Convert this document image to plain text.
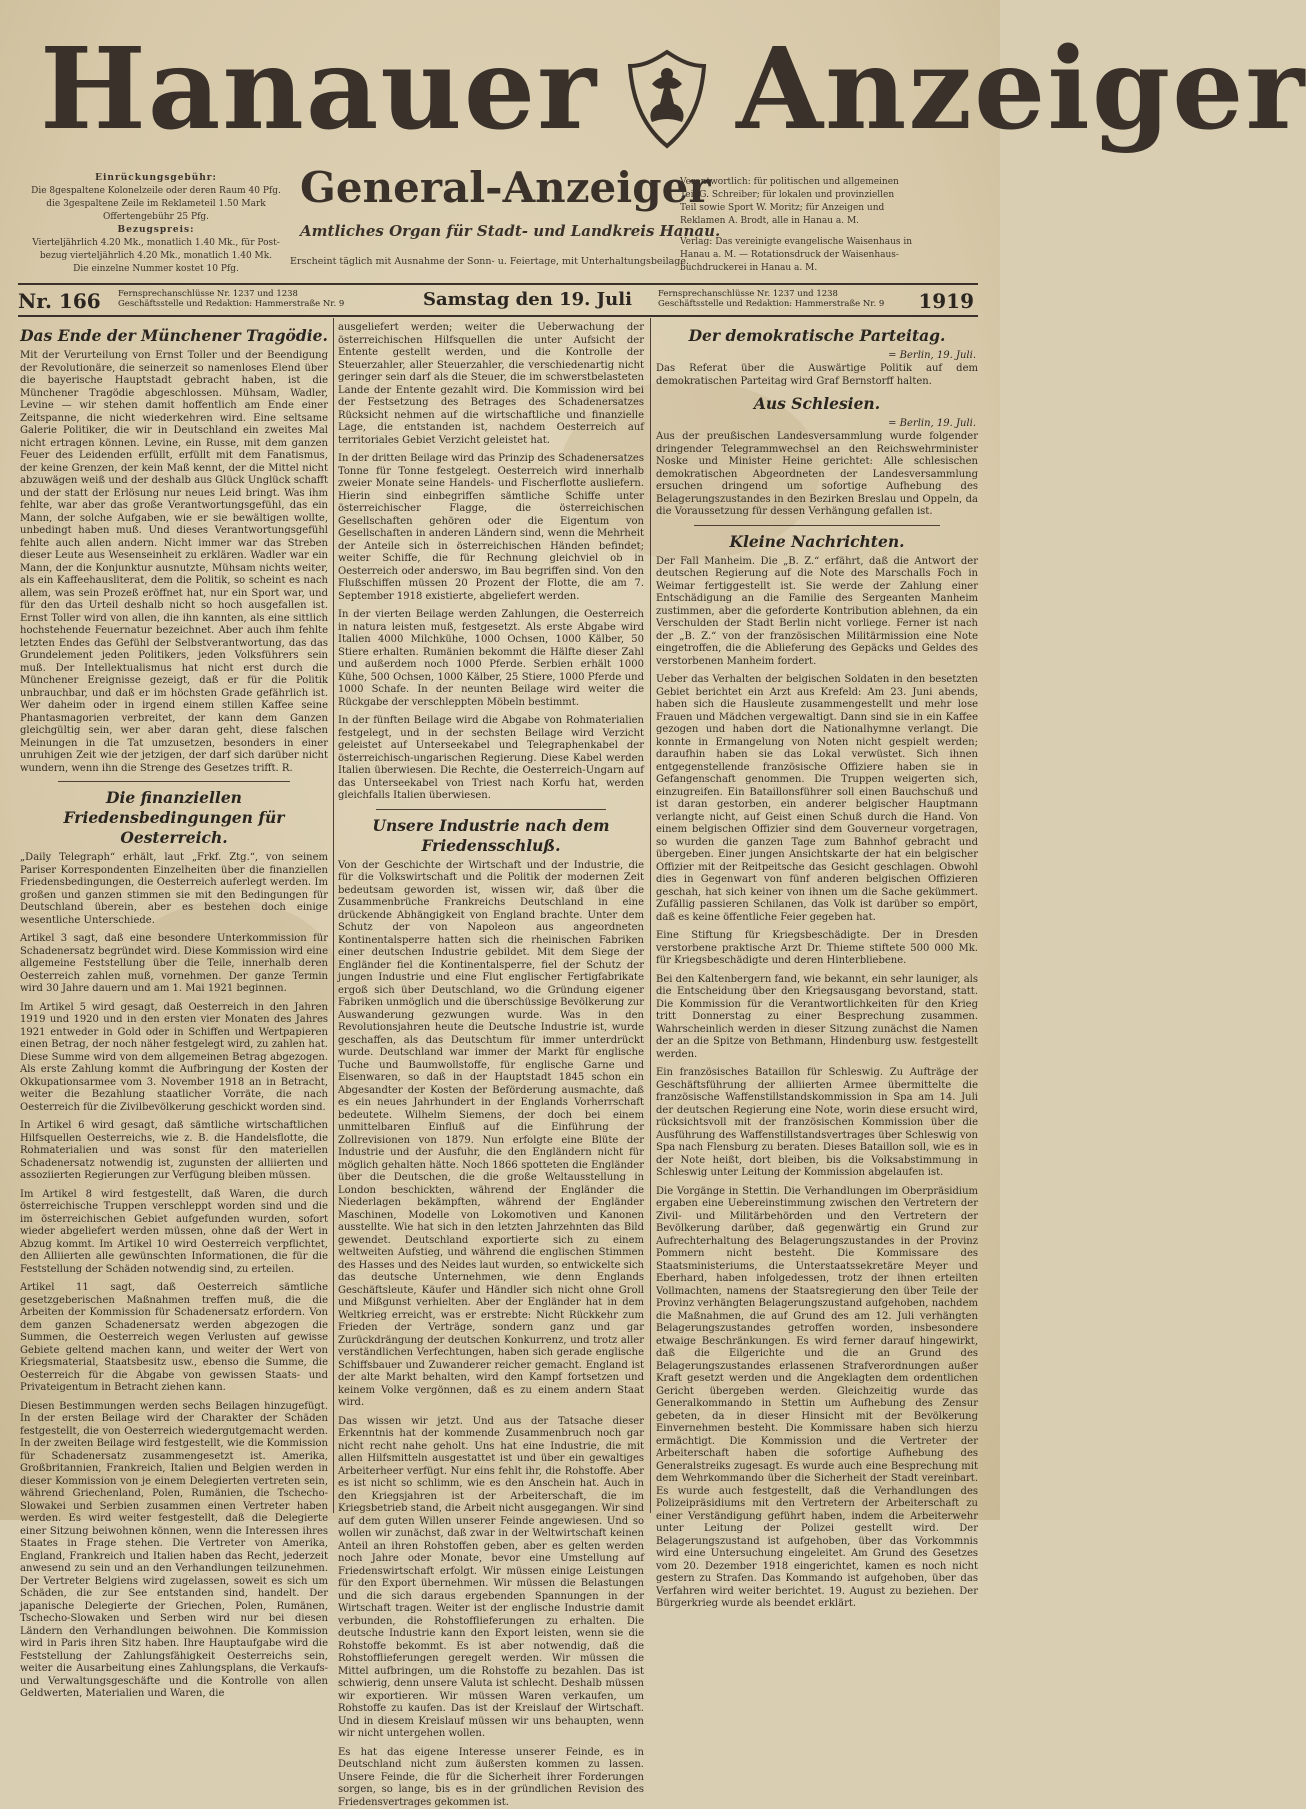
Hanauer Anzeiger
Einrückungsgebühr:
Die 8gespaltene Kolonelzeile oder deren Raum 40 Pfg.
die 3gespaltene Zeile im Reklameteil 1.50 Mark
Offertengebühr 25 Pfg.
Bezugspreis:
Vierteljährlich 4.20 Mk., monatlich 1.40 Mk., für Post-
bezug vierteljährlich 4.20 Mk., monatlich 1.40 Mk.
Die einzelne Nummer kostet 10 Pfg.
General-Anzeiger
Amtliches Organ für Stadt- und Landkreis Hanau.
Erscheint täglich mit Ausnahme der Sonn- u. Feiertage, mit Unterhaltungsbeilage.
Verantwortlich: für politischen und allgemeinen
Teil G. Schreiber; für lokalen und provinziellen
Teil sowie Sport W. Moritz; für Anzeigen und
Reklamen A. Brodt, alle in Hanau a. M.
Verlag: Das vereinigte evangelische Waisenhaus in
Hanau a. M. — Rotationsdruck der Waisenhaus-
buchdruckerei in Hanau a. M.
Nr. 166 Fernsprechanschlüsse Nr. 1237 und 1238
Geschäftsstelle und Redaktion: Hammerstraße Nr. 9	Samstag den 19. Juli	Fernsprechanschlüsse Nr. 1237 und 1238
Geschäftsstelle und Redaktion: Hammerstraße Nr. 9 1919
Das Ende der Münchener Tragödie.

Mit der Verurteilung von Ernst Toller und der Beendigung der Revolutionäre, die seinerzeit so namenloses Elend über die bayerische Hauptstadt gebracht haben, ist die Münchener Tragödie abgeschlossen. Mühsam, Wadler, Levine — wir stehen damit hoffentlich am Ende einer Zeitspanne, die nicht wiederkehren wird. Eine seltsame Galerie Politiker, die wir in Deutschland ein zweites Mal nicht ertragen können. Levine, ein Russe, mit dem ganzen Feuer des Leidenden erfüllt, erfüllt mit dem Fanatismus, der keine Grenzen, der kein Maß kennt, der die Mittel nicht abzuwägen weiß und der deshalb aus Glück Unglück schafft und der statt der Erlösung nur neues Leid bringt. Was ihm fehlte, war aber das große Verantwortungsgefühl, das ein Mann, der solche Aufgaben, wie er sie bewältigen wollte, unbedingt haben muß. Und dieses Verantwortungsgefühl fehlte auch allen andern. Nicht immer war das Streben dieser Leute aus Wesenseinheit zu erklären. Wadler war ein Mann, der die Konjunktur ausnutzte, Mühsam nichts weiter, als ein Kaffeehausliterat, dem die Politik, so scheint es nach allem, was sein Prozeß eröffnet hat, nur ein Sport war, und für den das Urteil deshalb nicht so hoch ausgefallen ist. Ernst Toller wird von allen, die ihn kannten, als eine sittlich hochstehende Feuernatur bezeichnet. Aber auch ihm fehlte letzten Endes das Gefühl der Selbstverantwortung, das das Grundelement jeden Politikers, jeden Volksführers sein muß. Der Intellektualismus hat nicht erst durch die Münchener Ereignisse gezeigt, daß er für die Politik unbrauchbar, und daß er im höchsten Grade gefährlich ist. Wer daheim oder in irgend einem stillen Kaffee seine Phantasmagorien verbreitet, der kann dem Ganzen gleichgültig sein, wer aber daran geht, diese falschen Meinungen in die Tat umzusetzen, besonders in einer unruhigen Zeit wie der jetzigen, der darf sich darüber nicht wundern, wenn ihn die Strenge des Gesetzes trifft. R.

Die finanziellen Friedensbedingungen für Oesterreich.

„Daily Telegraph“ erhält, laut „Frkf. Ztg.“, von seinem Pariser Korrespondenten Einzelheiten über die finanziellen Friedensbedingungen, die Oesterreich auferlegt werden. Im großen und ganzen stimmen sie mit den Bedingungen für Deutschland überein, aber es bestehen doch einige wesentliche Unterschiede.

Artikel 3 sagt, daß eine besondere Unterkommission für Schadenersatz begründet wird. Diese Kommission wird eine allgemeine Feststellung über die Teile, innerhalb deren Oesterreich zahlen muß, vornehmen. Der ganze Termin wird 30 Jahre dauern und am 1. Mai 1921 beginnen.

Im Artikel 5 wird gesagt, daß Oesterreich in den Jahren 1919 und 1920 und in den ersten vier Monaten des Jahres 1921 entweder in Gold oder in Schiffen und Wertpapieren einen Betrag, der noch näher festgelegt wird, zu zahlen hat. Diese Summe wird von dem allgemeinen Betrag abgezogen. Als erste Zahlung kommt die Aufbringung der Kosten der Okkupationsarmee vom 3. November 1918 an in Betracht, weiter die Bezahlung staatlicher Vorräte, die nach Oesterreich für die Zivilbevölkerung geschickt worden sind.

In Artikel 6 wird gesagt, daß sämtliche wirtschaftlichen Hilfsquellen Oesterreichs, wie z. B. die Handelsflotte, die Rohmaterialien und was sonst für den materiellen Schadenersatz notwendig ist, zugunsten der alliierten und assoziierten Regierungen zur Verfügung bleiben müssen.

Im Artikel 8 wird festgestellt, daß Waren, die durch österreichische Truppen verschleppt worden sind und die im österreichischen Gebiet aufgefunden wurden, sofort wieder abgeliefert werden müssen, ohne daß der Wert in Abzug kommt. Im Artikel 10 wird Oesterreich verpflichtet, den Alliierten alle gewünschten Informationen, die für die Feststellung der Schäden notwendig sind, zu erteilen.

Artikel 11 sagt, daß Oesterreich sämtliche gesetzgeberischen Maßnahmen treffen muß, die die Arbeiten der Kommission für Schadenersatz erfordern. Von dem ganzen Schadenersatz werden abgezogen die Summen, die Oesterreich wegen Verlusten auf gewisse Gebiete geltend machen kann, und weiter der Wert von Kriegsmaterial, Staatsbesitz usw., ebenso die Summe, die Oesterreich für die Abgabe von gewissen Staats- und Privateigentum in Betracht ziehen kann.

Diesen Bestimmungen werden sechs Beilagen hinzugefügt. In der ersten Beilage wird der Charakter der Schäden festgestellt, die von Oesterreich wiedergutgemacht werden. In der zweiten Beilage wird festgestellt, wie die Kommission für Schadenersatz zusammengesetzt ist. Amerika, Großbritannien, Frankreich, Italien und Belgien werden in dieser Kommission von je einem Delegierten vertreten sein, während Griechenland, Polen, Rumänien, die Tschecho-Slowakei und Serbien zusammen einen Vertreter haben werden. Es wird weiter festgestellt, daß die Delegierte einer Sitzung beiwohnen können, wenn die Interessen ihres Staates in Frage stehen. Die Vertreter von Amerika, England, Frankreich und Italien haben das Recht, jederzeit anwesend zu sein und an den Verhandlungen teilzunehmen. Der Vertreter Belgiens wird zugelassen, soweit es sich um Schäden, die zur See entstanden sind, handelt. Der japanische Delegierte der Griechen, Polen, Rumänen, Tschecho-Slowaken und Serben wird nur bei diesen Ländern den Verhandlungen beiwohnen. Die Kommission wird in Paris ihren Sitz haben. Ihre Hauptaufgabe wird die Feststellung der Zahlungsfähigkeit Oesterreichs sein, weiter die Ausarbeitung eines Zahlungsplans, die Verkaufs- und Verwaltungsgeschäfte und die Kontrolle von allen Geldwerten, Materialien und Waren, die

ausgeliefert werden; weiter die Ueberwachung der österreichischen Hilfsquellen die unter Aufsicht der Entente gestellt werden, und die Kontrolle der Steuerzahler, aller Steuerzahler, die verschiedenartig nicht geringer sein darf als die Steuer, die im schwerstbelasteten Lande der Entente gezahlt wird. Die Kommission wird bei der Festsetzung des Betrages des Schadenersatzes Rücksicht nehmen auf die wirtschaftliche und finanzielle Lage, die entstanden ist, nachdem Oesterreich auf territoriales Gebiet Verzicht geleistet hat.

In der dritten Beilage wird das Prinzip des Schadenersatzes Tonne für Tonne festgelegt. Oesterreich wird innerhalb zweier Monate seine Handels- und Fischerflotte ausliefern. Hierin sind einbegriffen sämtliche Schiffe unter österreichischer Flagge, die österreichischen Gesellschaften gehören oder die Eigentum von Gesellschaften in anderen Ländern sind, wenn die Mehrheit der Anteile sich in österreichischen Händen befindet; weiter Schiffe, die für Rechnung gleichviel ob in Oesterreich oder anderswo, im Bau begriffen sind. Von den Flußschiffen müssen 20 Prozent der Flotte, die am 7. September 1918 existierte, abgeliefert werden.

In der vierten Beilage werden Zahlungen, die Oesterreich in natura leisten muß, festgesetzt. Als erste Abgabe wird Italien 4000 Milchkühe, 1000 Ochsen, 1000 Kälber, 50 Stiere erhalten. Rumänien bekommt die Hälfte dieser Zahl und außerdem noch 1000 Pferde. Serbien erhält 1000 Kühe, 500 Ochsen, 1000 Kälber, 25 Stiere, 1000 Pferde und 1000 Schafe. In der neunten Beilage wird weiter die Rückgabe der verschleppten Möbeln bestimmt.

In der fünften Beilage wird die Abgabe von Rohmaterialien festgelegt, und in der sechsten Beilage wird Verzicht geleistet auf Unterseekabel und Telegraphenkabel der österreichisch-ungarischen Regierung. Diese Kabel werden Italien überwiesen. Die Rechte, die Oesterreich-Ungarn auf das Unterseekabel von Triest nach Korfu hat, werden gleichfalls Italien überwiesen.

Unsere Industrie nach dem Friedensschluß.

Von der Geschichte der Wirtschaft und der Industrie, die für die Volkswirtschaft und die Politik der modernen Zeit bedeutsam geworden ist, wissen wir, daß über die Zusammenbrüche Frankreichs Deutschland in eine drückende Abhängigkeit von England brachte. Unter dem Schutz der von Napoleon aus angeordneten Kontinentalsperre hatten sich die rheinischen Fabriken einer deutschen Industrie gebildet. Mit dem Siege der Engländer fiel die Kontinentalsperre, fiel der Schutz der jungen Industrie und eine Flut englischer Fertigfabrikate ergoß sich über Deutschland, wo die Gründung eigener Fabriken unmöglich und die überschüssige Bevölkerung zur Auswanderung gezwungen wurde. Was in den Revolutionsjahren heute die Deutsche Industrie ist, wurde geschaffen, als das Deutschtum für immer unterdrückt wurde. Deutschland war immer der Markt für englische Tuche und Baumwollstoffe, für englische Garne und Eisenwaren, so daß in der Hauptstadt 1845 schon ein Abgesandter der Kosten der Beförderung ausmachte, daß es ein neues Jahrhundert in der Englands Vorherrschaft bedeutete. Wilhelm Siemens, der doch bei einem unmittelbaren Einfluß auf die Einführung der Zollrevisionen von 1879. Nun erfolgte eine Blüte der Industrie und der Ausfuhr, die den Engländern nicht für möglich gehalten hätte. Noch 1866 spotteten die Engländer über die Deutschen, die die große Weltausstellung in London beschickten, während der Engländer die Niederlagen bekämpften, während der Engländer Maschinen, Modelle von Lokomotiven und Kanonen ausstellte. Wie hat sich in den letzten Jahrzehnten das Bild gewendet. Deutschland exportierte sich zu einem weltweiten Aufstieg, und während die englischen Stimmen des Hasses und des Neides laut wurden, so entwickelte sich das deutsche Unternehmen, wie denn Englands Geschäftsleute, Käufer und Händler sich nicht ohne Groll und Mißgunst verhielten. Aber der Engländer hat in dem Weltkrieg erreicht, was er erstrebte: Nicht Rückkehr zum Frieden der Verträge, sondern ganz und gar Zurückdrängung der deutschen Konkurrenz, und trotz aller verständlichen Verfechtungen, haben sich gerade englische Schiffsbauer und Zuwanderer reicher gemacht. England ist der alte Markt behalten, wird den Kampf fortsetzen und keinem Volke vergönnen, daß es zu einem andern Staat wird.

Das wissen wir jetzt. Und aus der Tatsache dieser Erkenntnis hat der kommende Zusammenbruch noch gar nicht recht nahe geholt. Uns hat eine Industrie, die mit allen Hilfsmitteln ausgestattet ist und über ein gewaltiges Arbeiterheer verfügt. Nur eins fehlt ihr, die Rohstoffe. Aber es ist nicht so schlimm, wie es den Anschein hat. Auch in den Kriegsjahren ist der Arbeiterschaft, die im Kriegsbetrieb stand, die Arbeit nicht ausgegangen. Wir sind auf dem guten Willen unserer Feinde angewiesen. Und so wollen wir zunächst, daß zwar in der Weltwirtschaft keinen Anteil an ihren Rohstoffen geben, aber es gelten werden noch Jahre oder Monate, bevor eine Umstellung auf Friedenswirtschaft erfolgt. Wir müssen einige Leistungen für den Export übernehmen. Wir müssen die Belastungen und die sich daraus ergebenden Spannungen in der Wirtschaft tragen. Weiter ist der englische Industrie damit verbunden, die Rohstofflieferungen zu erhalten. Die deutsche Industrie kann den Export leisten, wenn sie die Rohstoffe bekommt. Es ist aber notwendig, daß die Rohstofflieferungen geregelt werden. Wir müssen die Mittel aufbringen, um die Rohstoffe zu bezahlen. Das ist schwierig, denn unsere Valuta ist schlecht. Deshalb müssen wir exportieren. Wir müssen Waren verkaufen, um Rohstoffe zu kaufen. Das ist der Kreislauf der Wirtschaft. Und in diesem Kreislauf müssen wir uns behaupten, wenn wir nicht untergehen wollen.

Es hat das eigene Interesse unserer Feinde, es in Deutschland nicht zum äußersten kommen zu lassen. Unsere Feinde, die für die Sicherheit ihrer Forderungen sorgen, so lange, bis es in der gründlichen Revision des Friedensvertrages gekommen ist.

Der demokratische Parteitag.
= Berlin, 19. Juli.

Das Referat über die Auswärtige Politik auf dem demokratischen Parteitag wird Graf Bernstorff halten.

Aus Schlesien.
= Berlin, 19. Juli.

Aus der preußischen Landesversammlung wurde folgender dringender Telegrammwechsel an den Reichswehrminister Noske und Minister Heine gerichtet: Alle schlesischen demokratischen Abgeordneten der Landesversammlung ersuchen dringend um sofortige Aufhebung des Belagerungszustandes in den Bezirken Breslau und Oppeln, da die Voraussetzung für dessen Verhängung gefallen ist.

Kleine Nachrichten.

Der Fall Manheim. Die „B. Z.“ erfährt, daß die Antwort der deutschen Regierung auf die Note des Marschalls Foch in Weimar fertiggestellt ist. Sie werde der Zahlung einer Entschädigung an die Familie des Sergeanten Manheim zustimmen, aber die geforderte Kontribution ablehnen, da ein Verschulden der Stadt Berlin nicht vorliege. Ferner ist nach der „B. Z.“ von der französischen Militärmission eine Note eingetroffen, die die Ablieferung des Gepäcks und Geldes des verstorbenen Manheim fordert.

Ueber das Verhalten der belgischen Soldaten in den besetzten Gebiet berichtet ein Arzt aus Krefeld: Am 23. Juni abends, haben sich die Hausleute zusammengestellt und mehr lose Frauen und Mädchen vergewaltigt. Dann sind sie in ein Kaffee gezogen und haben dort die Nationalhymne verlangt. Die konnte in Ermangelung von Noten nicht gespielt werden; daraufhin haben sie das Lokal verwüstet. Sich ihnen entgegenstellende französische Offiziere haben sie in Gefangenschaft genommen. Die Truppen weigerten sich, einzugreifen. Ein Bataillonsführer soll einen Bauchschuß und ist daran gestorben, ein anderer belgischer Hauptmann verlangte nicht, auf Geist einen Schuß durch die Hand. Von einem belgischen Offizier sind dem Gouverneur vorgetragen, so wurden die ganzen Tage zum Bahnhof gebracht und übergeben. Einer jungen Ansichtskarte der hat ein belgischer Offizier mit der Reitpeitsche das Gesicht geschlagen. Obwohl dies in Gegenwart von fünf anderen belgischen Offizieren geschah, hat sich keiner von ihnen um die Sache gekümmert. Zufällig passieren Schilanen, das Volk ist darüber so empört, daß es keine öffentliche Feier gegeben hat.

Eine Stiftung für Kriegsbeschädigte. Der in Dresden verstorbene praktische Arzt Dr. Thieme stiftete 500 000 Mk. für Kriegsbeschädigte und deren Hinterbliebene.

Bei den Kaltenbergern fand, wie bekannt, ein sehr launiger, als die Entscheidung über den Kriegsausgang bevorstand, statt. Die Kommission für die Verantwortlichkeiten für den Krieg tritt Donnerstag zu einer Besprechung zusammen. Wahrscheinlich werden in dieser Sitzung zunächst die Namen der an die Spitze von Bethmann, Hindenburg usw. festgestellt werden.

Ein französisches Bataillon für Schleswig. Zu Aufträge der Geschäftsführung der alliierten Armee übermittelte die französische Waffenstillstandskommission in Spa am 14. Juli der deutschen Regierung eine Note, worin diese ersucht wird, rücksichtsvoll mit der französischen Kommission über die Ausführung des Waffenstillstandsvertrages über Schleswig von Spa nach Flensburg zu beraten. Dieses Bataillon soll, wie es in der Note heißt, dort bleiben, bis die Volksabstimmung in Schleswig unter Leitung der Kommission abgelaufen ist.

Die Vorgänge in Stettin. Die Verhandlungen im Oberpräsidium ergaben eine Uebereinstimmung zwischen den Vertretern der Zivil- und Militärbehörden und den Vertretern der Bevölkerung darüber, daß gegenwärtig ein Grund zur Aufrechterhaltung des Belagerungszustandes in der Provinz Pommern nicht besteht. Die Kommissare des Staatsministeriums, die Unterstaatssekretäre Meyer und Eberhard, haben infolgedessen, trotz der ihnen erteilten Vollmachten, namens der Staatsregierung den über Teile der Provinz verhängten Belagerungszustand aufgehoben, nachdem die Maßnahmen, die auf Grund des am 12. Juli verhängten Belagerungszustandes getroffen worden, insbesondere etwaige Beschränkungen. Es wird ferner darauf hingewirkt, daß die Eilgerichte und die an Grund des Belagerungszustandes erlassenen Strafverordnungen außer Kraft gesetzt werden und die Angeklagten dem ordentlichen Gericht übergeben werden. Gleichzeitig wurde das Generalkommando in Stettin um Aufhebung des Zensur gebeten, da in dieser Hinsicht mit der Bevölkerung Einvernehmen besteht. Die Kommissare haben sich hierzu ermächtigt. Die Kommission und die Vertreter der Arbeiterschaft haben die sofortige Aufhebung des Generalstreiks zugesagt. Es wurde auch eine Besprechung mit dem Wehrkommando über die Sicherheit der Stadt vereinbart. Es wurde auch festgestellt, daß die Verhandlungen des Polizeipräsidiums mit den Vertretern der Arbeiterschaft zu einer Verständigung geführt haben, indem die Arbeiterwehr unter Leitung der Polizei gestellt wird. Der Belagerungszustand ist aufgehoben, über das Vorkommnis wird eine Untersuchung eingeleitet. Am Grund des Gesetzes vom 20. Dezember 1918 eingerichtet, kamen es noch nicht gestern zu Strafen. Das Kommando ist aufgehoben, über das Verfahren wird weiter berichtet. 19. August zu beziehen. Der Bürgerkrieg wurde als beendet erklärt.
